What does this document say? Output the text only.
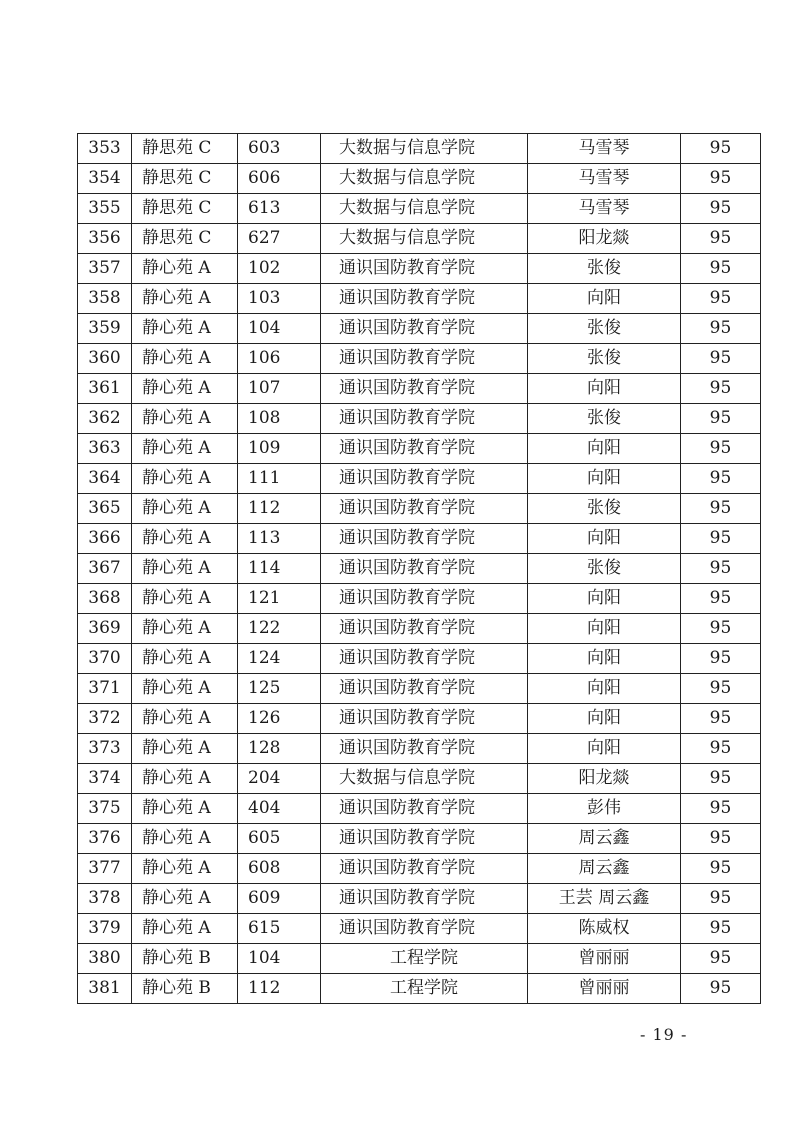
353	静思苑 C	603	大数据与信息学院	马雪琴	95
354	静思苑 C	606	大数据与信息学院	马雪琴	95
355	静思苑 C	613	大数据与信息学院	马雪琴	95
356	静思苑 C	627	大数据与信息学院	阳龙燚	95
357	静心苑 A	102	通识国防教育学院	张俊	95
358	静心苑 A	103	通识国防教育学院	向阳	95
359	静心苑 A	104	通识国防教育学院	张俊	95
360	静心苑 A	106	通识国防教育学院	张俊	95
361	静心苑 A	107	通识国防教育学院	向阳	95
362	静心苑 A	108	通识国防教育学院	张俊	95
363	静心苑 A	109	通识国防教育学院	向阳	95
364	静心苑 A	111	通识国防教育学院	向阳	95
365	静心苑 A	112	通识国防教育学院	张俊	95
366	静心苑 A	113	通识国防教育学院	向阳	95
367	静心苑 A	114	通识国防教育学院	张俊	95
368	静心苑 A	121	通识国防教育学院	向阳	95
369	静心苑 A	122	通识国防教育学院	向阳	95
370	静心苑 A	124	通识国防教育学院	向阳	95
371	静心苑 A	125	通识国防教育学院	向阳	95
372	静心苑 A	126	通识国防教育学院	向阳	95
373	静心苑 A	128	通识国防教育学院	向阳	95
374	静心苑 A	204	大数据与信息学院	阳龙燚	95
375	静心苑 A	404	通识国防教育学院	彭伟	95
376	静心苑 A	605	通识国防教育学院	周云鑫	95
377	静心苑 A	608	通识国防教育学院	周云鑫	95
378	静心苑 A	609	通识国防教育学院	王芸 周云鑫	95
379	静心苑 A	615	通识国防教育学院	陈威权	95
380	静心苑 B	104	工程学院	曾丽丽	95
381	静心苑 B	112	工程学院	曾丽丽	95
- 19 -
